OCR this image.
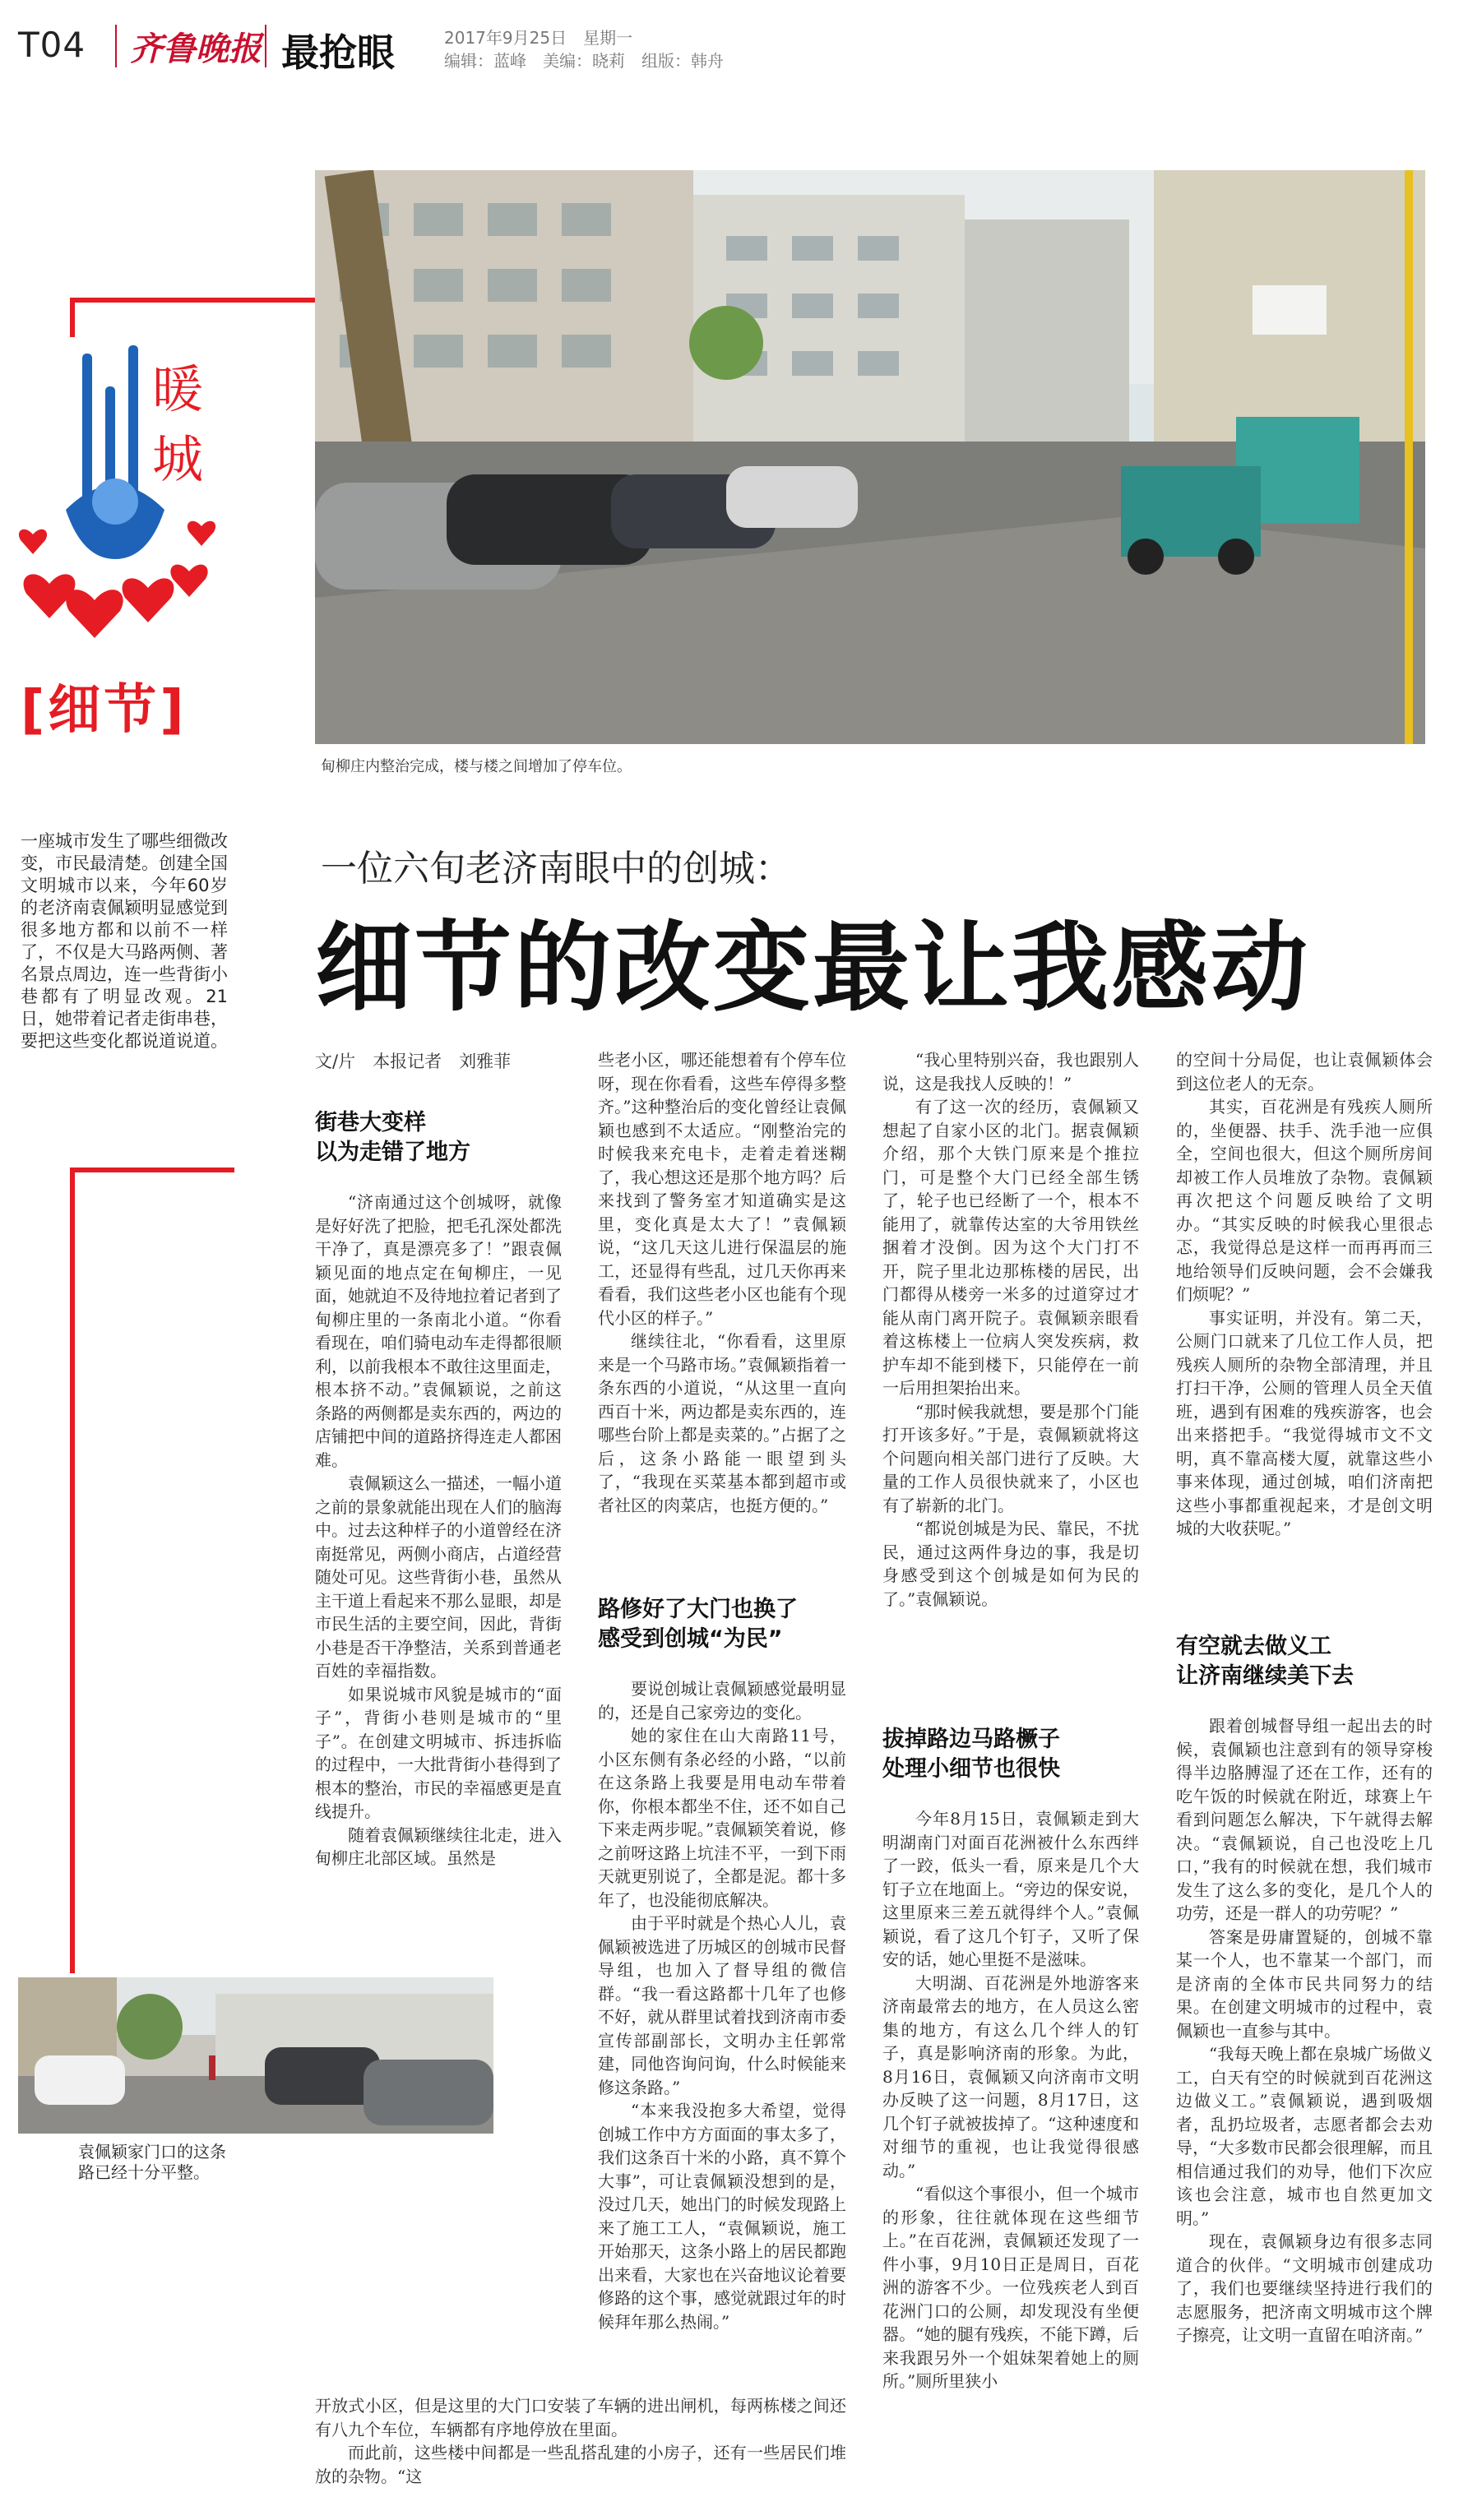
T04 齐鲁晚报 最抢眼	2017年9月25日　星期一
编辑：蓝峰　美编：晓莉　组版：韩舟
暖
城
[细节]
一座城市发生了哪些细微改变，市民最清楚。创建全国文明城市以来，今年60岁的老济南袁佩颖明显感觉到很多地方都和以前不一样了，不仅是大马路两侧、著名景点周边，连一些背街小巷都有了明显改观。21日，她带着记者走街串巷，要把这些变化都说道说道。
甸柳庄内整治完成，楼与楼之间增加了停车位。
一位六旬老济南眼中的创城：
细节的改变最让我感动
文/片　本报记者　刘雅菲
街巷大变样
以为走错了地方

“济南通过这个创城呀，就像是好好洗了把脸，把毛孔深处都洗干净了，真是漂亮多了！”跟袁佩颖见面的地点定在甸柳庄，一见面，她就迫不及待地拉着记者到了甸柳庄里的一条南北小道。“你看看现在，咱们骑电动车走得都很顺利，以前我根本不敢往这里面走，根本挤不动。”袁佩颖说，之前这条路的两侧都是卖东西的，两边的店铺把中间的道路挤得连走人都困难。

袁佩颖这么一描述，一幅小道之前的景象就能出现在人们的脑海中。过去这种样子的小道曾经在济南挺常见，两侧小商店，占道经营随处可见。这些背街小巷，虽然从主干道上看起来不那么显眼，却是市民生活的主要空间，因此，背街小巷是否干净整洁，关系到普通老百姓的幸福指数。

如果说城市风貌是城市的“面子”，背街小巷则是城市的“里子”。在创建文明城市、拆违拆临的过程中，一大批背街小巷得到了根本的整治，市民的幸福感更是直线提升。

随着袁佩颖继续往北走，进入甸柳庄北部区域。虽然是

袁佩颖家门口的这条路已经十分平整。

些老小区，哪还能想着有个停车位呀，现在你看看，这些车停得多整齐。”这种整治后的变化曾经让袁佩颖也感到不太适应。“刚整治完的时候我来充电卡，走着走着迷糊了，我心想这还是那个地方吗？后来找到了警务室才知道确实是这里，变化真是太大了！”袁佩颖说，“这几天这儿进行保温层的施工，还显得有些乱，过几天你再来看看，我们这些老小区也能有个现代小区的样子。”

继续往北，“你看看，这里原来是一个马路市场。”袁佩颖指着一条东西的小道说，“从这里一直向西百十米，两边都是卖东西的，连哪些台阶上都是卖菜的。”占据了之后，这条小路能一眼望到头了，“我现在买菜基本都到超市或者社区的肉菜店，也挺方便的。”

路修好了大门也换了
感受到创城“为民”

要说创城让袁佩颖感觉最明显的，还是自己家旁边的变化。

她的家住在山大南路11号，小区东侧有条必经的小路，“以前在这条路上我要是用电动车带着你，你根本都坐不住，还不如自己下来走两步呢。”袁佩颖笑着说，修之前呀这路上坑洼不平，一到下雨天就更别说了，全都是泥。都十多年了，也没能彻底解决。

由于平时就是个热心人儿，袁佩颖被选进了历城区的创城市民督导组，也加入了督导组的微信群。“我一看这路都十几年了也修不好，就从群里试着找到济南市委宣传部副部长，文明办主任郭常建，同他咨询问询，什么时候能来修这条路。”

“本来我没抱多大希望，觉得创城工作中方方面面的事太多了，我们这条百十米的小路，真不算个大事”，可让袁佩颖没想到的是，没过几天，她出门的时候发现路上来了施工工人，“袁佩颖说，施工开始那天，这条小路上的居民都跑出来看，大家也在兴奋地议论着要修路的这个事，感觉就跟过年的时候拜年那么热闹。”

开放式小区，但是这里的大门口安装了车辆的进出闸机，每两栋楼之间还有八九个车位，车辆都有序地停放在里面。

而此前，这些楼中间都是一些乱搭乱建的小房子，还有一些居民们堆放的杂物。“这

“我心里特别兴奋，我也跟别人说，这是我找人反映的！”

有了这一次的经历，袁佩颖又想起了自家小区的北门。据袁佩颖介绍，那个大铁门原来是个推拉门，可是整个大门已经全部生锈了，轮子也已经断了一个，根本不能用了，就靠传达室的大爷用铁丝捆着才没倒。因为这个大门打不开，院子里北边那栋楼的居民，出门都得从楼旁一米多的过道穿过才能从南门离开院子。袁佩颖亲眼看着这栋楼上一位病人突发疾病，救护车却不能到楼下，只能停在一前一后用担架抬出来。

“那时候我就想，要是那个门能打开该多好。”于是，袁佩颖就将这个问题向相关部门进行了反映。大量的工作人员很快就来了，小区也有了崭新的北门。

“都说创城是为民、靠民，不扰民，通过这两件身边的事，我是切身感受到这个创城是如何为民的了。”袁佩颖说。

拔掉路边马路橛子
处理小细节也很快

今年8月15日，袁佩颖走到大明湖南门对面百花洲被什么东西绊了一跤，低头一看，原来是几个大钉子立在地面上。“旁边的保安说，这里原来三差五就得绊个人。”袁佩颖说，看了这几个钉子，又听了保安的话，她心里挺不是滋味。

大明湖、百花洲是外地游客来济南最常去的地方，在人员这么密集的地方，有这么几个绊人的钉子，真是影响济南的形象。为此，8月16日，袁佩颖又向济南市文明办反映了这一问题，8月17日，这几个钉子就被拔掉了。“这种速度和对细节的重视，也让我觉得很感动。”

“看似这个事很小，但一个城市的形象，往往就体现在这些细节上。”在百花洲，袁佩颖还发现了一件小事，9月10日正是周日，百花洲的游客不少。一位残疾老人到百花洲门口的公厕，却发现没有坐便器。“她的腿有残疾，不能下蹲，后来我跟另外一个姐妹架着她上的厕所。”厕所里狭小

的空间十分局促，也让袁佩颖体会到这位老人的无奈。

其实，百花洲是有残疾人厕所的，坐便器、扶手、洗手池一应俱全，空间也很大，但这个厕所房间却被工作人员堆放了杂物。袁佩颖再次把这个问题反映给了文明办。“其实反映的时候我心里很忐忑，我觉得总是这样一而再再而三地给领导们反映问题，会不会嫌我们烦呢？”

事实证明，并没有。第二天，公厕门口就来了几位工作人员，把残疾人厕所的杂物全部清理，并且打扫干净，公厕的管理人员全天值班，遇到有困难的残疾游客，也会出来搭把手。“我觉得城市文不文明，真不靠高楼大厦，就靠这些小事来体现，通过创城，咱们济南把这些小事都重视起来，才是创文明城的大收获呢。”

有空就去做义工
让济南继续美下去

跟着创城督导组一起出去的时候，袁佩颖也注意到有的领导穿梭得半边胳膊湿了还在工作，还有的吃午饭的时候就在附近，球赛上午看到问题怎么解决，下午就得去解决。“袁佩颖说，自己也没吃上几口，”我有的时候就在想，我们城市发生了这么多的变化，是几个人的功劳，还是一群人的功劳呢？”

答案是毋庸置疑的，创城不靠某一个人，也不靠某一个部门，而是济南的全体市民共同努力的结果。在创建文明城市的过程中，袁佩颖也一直参与其中。

“我每天晚上都在泉城广场做义工，白天有空的时候就到百花洲这边做义工。”袁佩颖说，遇到吸烟者，乱扔垃圾者，志愿者都会去劝导，“大多数市民都会很理解，而且相信通过我们的劝导，他们下次应该也会注意，城市也自然更加文明。”

现在，袁佩颖身边有很多志同道合的伙伴。“文明城市创建成功了，我们也要继续坚持进行我们的志愿服务，把济南文明城市这个牌子擦亮，让文明一直留在咱济南。”
